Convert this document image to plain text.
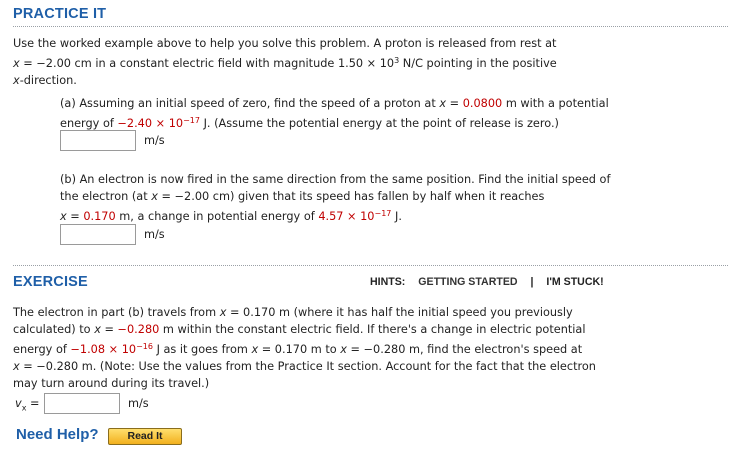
PRACTICE IT
Use the worked example above to help you solve this problem. A proton is released from rest at
x = −2.00 cm in a constant electric field with magnitude $1.50 \times 10^3$ N/C pointing in the positive
x-direction.
(a) Assuming an initial speed of zero, find the speed of a proton at x = 0.0800 m with a potential
energy of $-2.40 \times 10^{-17}$ J. (Assume the potential energy at the point of release is zero.)
m/s
(b) An electron is now fired in the same direction from the same position. Find the initial speed of
the electron (at x = −2.00 cm) given that its speed has fallen by half when it reaches
x = 0.170 m, a change in potential energy of $4.57 \times 10^{-17}$ J.
m/s
EXERCISE	HINTS: GETTING STARTED | I'M STUCK!
The electron in part (b) travels from x = 0.170 m (where it has half the initial speed you previously
calculated) to x = −0.280 m within the constant electric field. If there's a change in electric potential
energy of $-1.08 \times 10^{-16}$ J as it goes from x = 0.170 m to x = −0.280 m, find the electron's speed at
x = −0.280 m. (Note: Use the values from the Practice It section. Account for the fact that the electron
may turn around during its travel.)
$v_x$ =	m/s
Need Help?	Read It
